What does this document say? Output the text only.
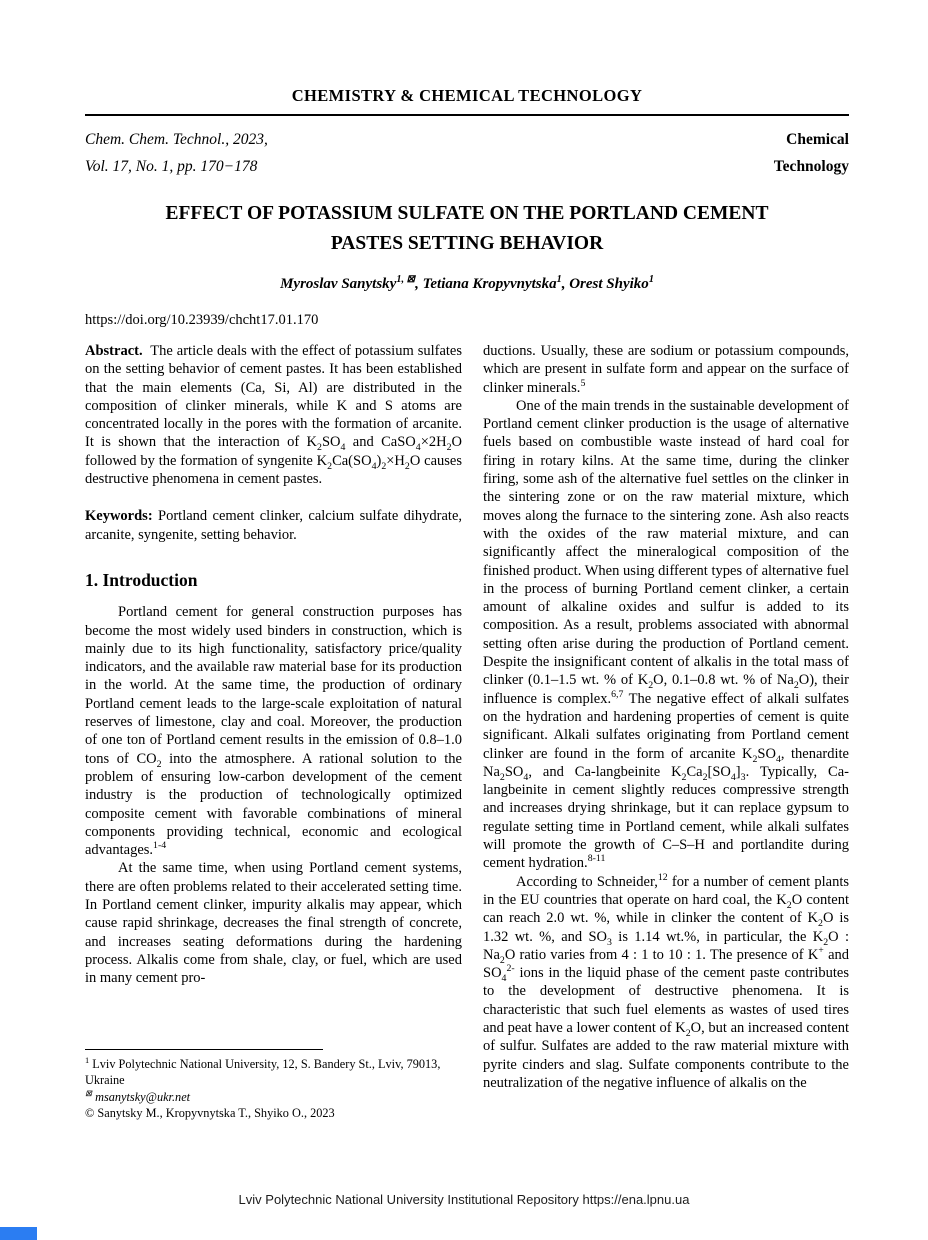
CHEMISTRY & CHEMICAL TECHNOLOGY
Chem. Chem. Technol., 2023,
Vol. 17, No. 1, pp. 170−178
Chemical
Technology
EFFECT OF POTASSIUM SULFATE ON THE PORTLAND CEMENT
PASTES SETTING BEHAVIOR
Myroslav Sanytsky$^{1, ⊠}$, Tetiana Kropyvnytska$^1$, Orest Shyiko$^1$
https://doi.org/10.23939/chcht17.01.170

Abstract. The article deals with the effect of potassium sulfates on the setting behavior of cement pastes. It has been established that the main elements (Ca, Si, Al) are distributed in the composition of clinker minerals, while K and S atoms are concentrated locally in the pores with the formation of arcanite. It is shown that the interaction of $K_2SO_4$ and $CaSO_4\times 2H_2O$ followed by the formation of syngenite $K_2Ca(SO_4)_2\times H_2O$ causes destructive phenomena in cement pastes.

Keywords: Portland cement clinker, calcium sulfate dihydrate, arcanite, syngenite, setting behavior.

1. Introduction

Portland cement for general construction purposes has become the most widely used binders in construction, which is mainly due to its high functionality, satisfactory price/quality indicators, and the available raw material base for its production in the world. At the same time, the production of ordinary Portland cement leads to the large-scale exploitation of natural reserves of limestone, clay and coal. Moreover, the production of one ton of Portland cement results in the emission of 0.8–1.0 tons of $CO_2$ into the atmosphere. A rational solution to the problem of ensuring low-carbon development of the cement industry is the production of technologically optimized composite cement with favorable combinations of mineral components providing technical, economic and ecological advantages.$^{1-4}$

At the same time, when using Portland cement systems, there are often problems related to their accelerated setting time. In Portland cement clinker, impurity alkalis may appear, which cause rapid shrinkage, decreases the final strength of concrete, and increases seating deformations during the hardening process. Alkalis come from shale, clay, or fuel, which are used in many cement pro-

$^1$ Lviv Polytechnic National University, 12, S. Bandery St., Lviv, 79013, Ukraine
⊠ msanytsky@ukr.net
© Sanytsky M., Kropyvnytska T., Shyiko O., 2023

ductions. Usually, these are sodium or potassium compounds, which are present in sulfate form and appear on the surface of clinker minerals.$^5$

One of the main trends in the sustainable development of Portland cement clinker production is the usage of alternative fuels based on combustible waste instead of hard coal for firing in rotary kilns. At the same time, during the clinker firing, some ash of the alternative fuel settles on the clinker in the sintering zone or on the raw material mixture, which moves along the furnace to the sintering zone. Ash also reacts with the oxides of the raw material mixture, and can significantly affect the mineralogical composition of the finished product. When using different types of alternative fuel in the process of burning Portland cement clinker, a certain amount of alkaline oxides and sulfur is added to its composition. As a result, problems associated with abnormal setting often arise during the production of Portland cement. Despite the insignificant content of alkalis in the total mass of clinker (0.1–1.5 wt. % of $K_2O$, 0.1–0.8 wt. % of $Na_2O$), their influence is complex.$^{6,7}$ The negative effect of alkali sulfates on the hydration and hardening properties of cement is quite significant. Alkali sulfates originating from Portland cement clinker are found in the form of arcanite $K_2SO_4$, thenardite $Na_2SO_4$, and Ca-langbeinite $K_2Ca_2[SO_4]_3$. Typically, Ca-langbeinite in cement slightly reduces compressive strength and increases drying shrinkage, but it can replace gypsum to regulate setting time in Portland cement, while alkali sulfates will promote the growth of C–S–H and portlandite during cement hydration.$^{8-11}$

According to Schneider,$^{12}$ for a number of cement plants in the EU countries that operate on hard coal, the $K_2O$ content can reach 2.0 wt. %, while in clinker the content of $K_2O$ is 1.32 wt. %, and $SO_3$ is 1.14 wt.%, in particular, the $K_2O$ : $Na_2O$ ratio varies from 4 : 1 to 10 : 1. The presence of K+ and $SO_4^{2-}$ ions in the liquid phase of the cement paste contributes to the development of destructive phenomena. It is characteristic that such fuel elements as wastes of used tires and peat have a lower content of $K_2O$, but an increased content of sulfur. Sulfates are added to the raw material mixture with pyrite cinders and slag. Sulfate components contribute to the neutralization of the negative influence of alkalis on the

Lviv Polytechnic National University Institutional Repository https://ena.lpnu.ua
